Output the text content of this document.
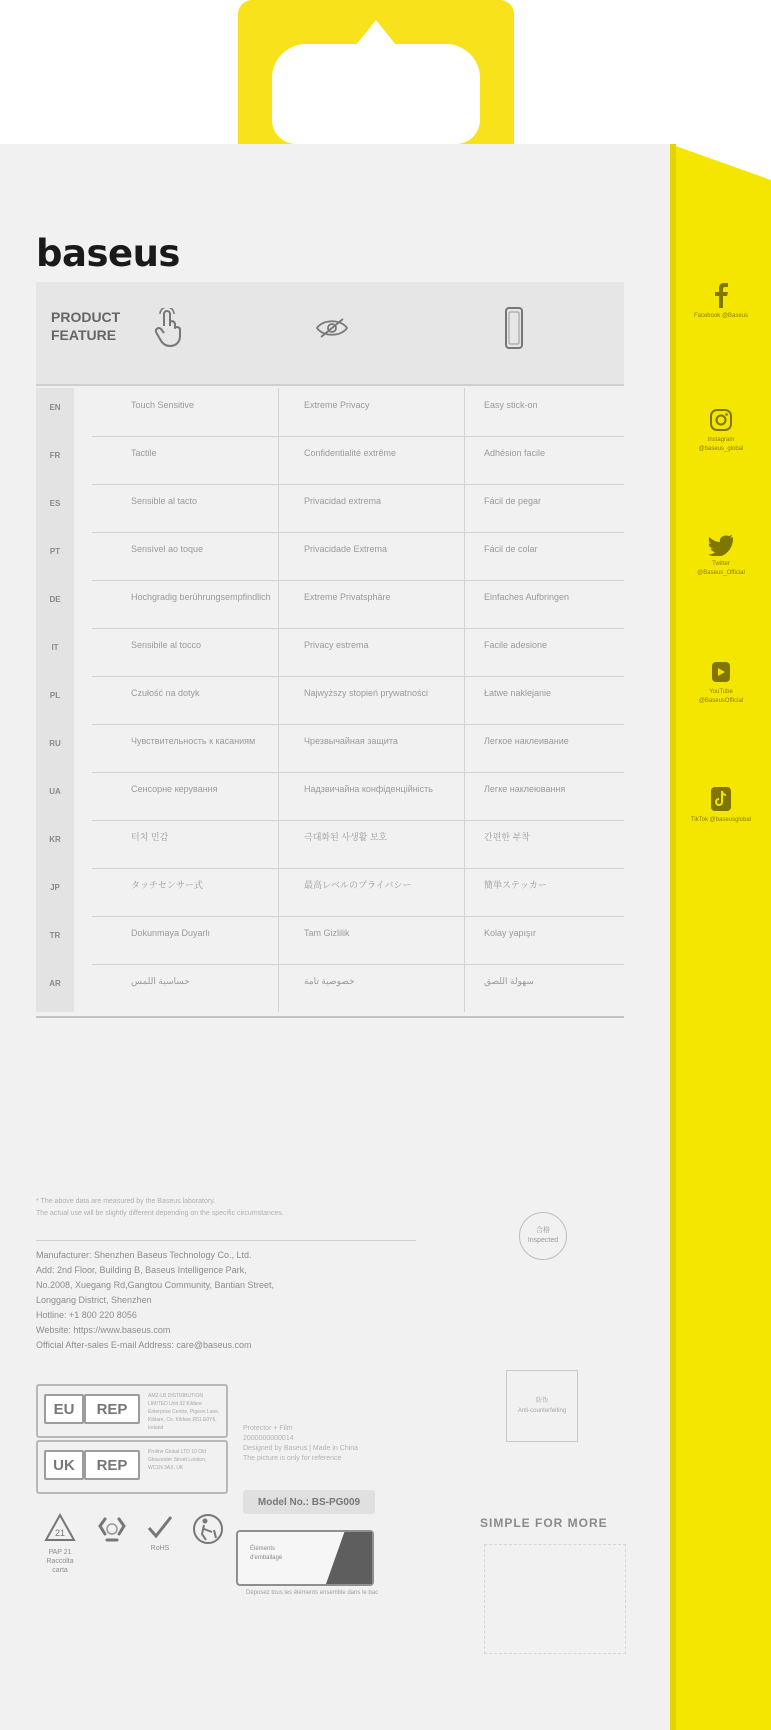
baseus
PRODUCT
FEATURE
EN	Touch Sensitive	Extreme Privacy	Easy stick-on
FR	Tactile	Confidentialité extrême	Adhésion facile
ES	Sensible al tacto	Privacidad extrema	Fácil de pegar
PT	Sensível ao toque	Privacidade Extrema	Fácil de colar
DE	Hochgradig berührungsempfindlich	Extreme Privatsphäre	Einfaches Aufbringen
IT	Sensibile al tocco	Privacy estrema	Facile adesione
PL	Czułość na dotyk	Najwyższy stopień prywatności	Łatwe naklejanie
RU	Чувствительность к касаниям	Чрезвычайная защита	Легкое наклеивание
UA	Сенсорне керування	Надзвичайна конфіденційність	Легке наклеювання
KR	터치 민감	극대화된 사생활 보호	간편한 부착
JP	タッチセンサー式	最高レベルのプライバシー	簡単ステッカー
TR	Dokunmaya Duyarlı	Tam Gizlilik	Kolay yapışır
AR	حساسية اللمس	خصوصية تامة	سهولة اللصق
* The above data are measured by the Baseus laboratory.
The actual use will be slightly different depending on the specific circumstances.
Manufacturer: Shenzhen Baseus Technology Co., Ltd.
Add: 2nd Floor, Building B, Baseus Intelligence Park,
No.2008, Xuegang Rd,Gangtou Community, Bantian Street,
Longgang District, Shenzhen
Hotline: +1 800 220 8056
Website: https://www.baseus.com
Official After-sales E-mail Address: care@baseus.com
合格
Inspected
EU	REP
AMZ-LB DISTRIBUTION LIMITED Unit 32 Kildare Enterprise Centre, Pigeon Lane, Kildare, Co. Kildare R51 E0Y6, Ireland
UK	REP
Proline Global LTD 10 Old Gloucester Street London, WC1N 3AX, UK
Protector + Film
2000000000014
Designed by Baseus | Made in China
The picture is only for reference
Model No.: BS-PG009
防伪
Anti-counterfeiting
SIMPLE FOR MORE
21
PAP 21
Raccolta carta
RoHS	Éléments
d'emballage
Déposez tous les éléments ensemble dans le bac
Facebook @Baseus
Instagram @baseus_global
Twitter @Baseus_Official
YouTube @BaseusOfficial
TikTok @baseusglobal
